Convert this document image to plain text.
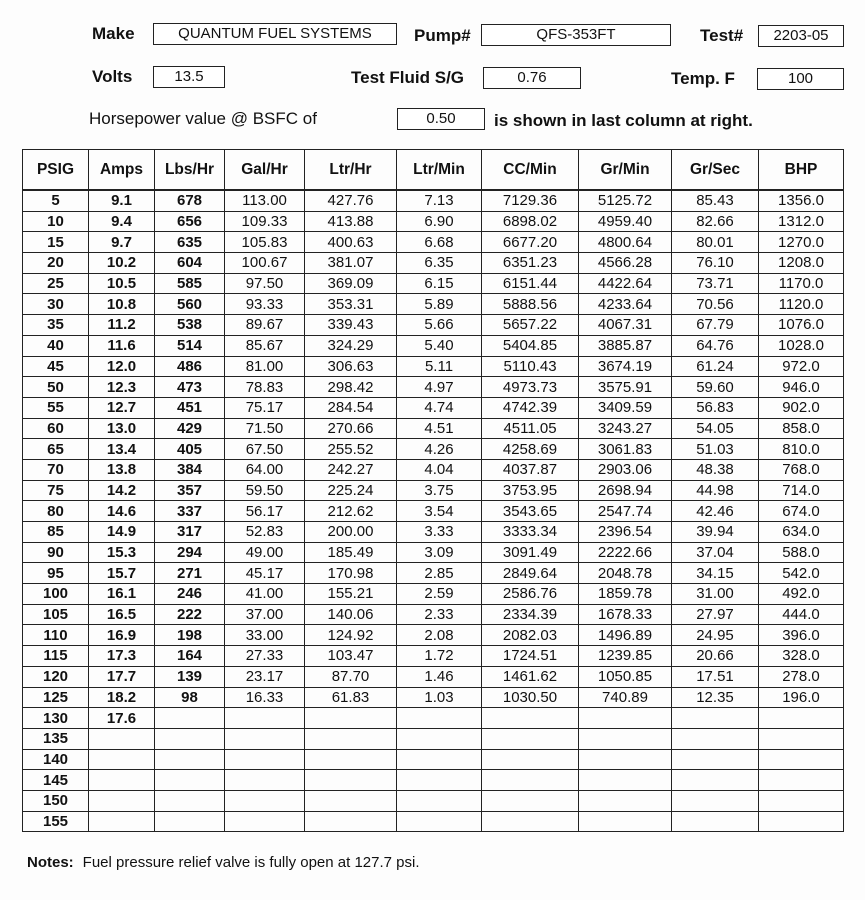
Make	QUANTUM FUEL SYSTEMS	Pump#	QFS-353FT	Test#	2203-05
Volts	13.5	Test Fluid S/G	0.76	Temp. F	100
Horsepower value @ BSFC of	0.50	is shown in last column at right.
PSIG	Amps	Lbs/Hr	Gal/Hr	Ltr/Hr	Ltr/Min	CC/Min	Gr/Min	Gr/Sec	BHP
5	9.1	678	113.00	427.76	7.13	7129.36	5125.72	85.43	1356.0
10	9.4	656	109.33	413.88	6.90	6898.02	4959.40	82.66	1312.0
15	9.7	635	105.83	400.63	6.68	6677.20	4800.64	80.01	1270.0
20	10.2	604	100.67	381.07	6.35	6351.23	4566.28	76.10	1208.0
25	10.5	585	97.50	369.09	6.15	6151.44	4422.64	73.71	1170.0
30	10.8	560	93.33	353.31	5.89	5888.56	4233.64	70.56	1120.0
35	11.2	538	89.67	339.43	5.66	5657.22	4067.31	67.79	1076.0
40	11.6	514	85.67	324.29	5.40	5404.85	3885.87	64.76	1028.0
45	12.0	486	81.00	306.63	5.11	5110.43	3674.19	61.24	972.0
50	12.3	473	78.83	298.42	4.97	4973.73	3575.91	59.60	946.0
55	12.7	451	75.17	284.54	4.74	4742.39	3409.59	56.83	902.0
60	13.0	429	71.50	270.66	4.51	4511.05	3243.27	54.05	858.0
65	13.4	405	67.50	255.52	4.26	4258.69	3061.83	51.03	810.0
70	13.8	384	64.00	242.27	4.04	4037.87	2903.06	48.38	768.0
75	14.2	357	59.50	225.24	3.75	3753.95	2698.94	44.98	714.0
80	14.6	337	56.17	212.62	3.54	3543.65	2547.74	42.46	674.0
85	14.9	317	52.83	200.00	3.33	3333.34	2396.54	39.94	634.0
90	15.3	294	49.00	185.49	3.09	3091.49	2222.66	37.04	588.0
95	15.7	271	45.17	170.98	2.85	2849.64	2048.78	34.15	542.0
100	16.1	246	41.00	155.21	2.59	2586.76	1859.78	31.00	492.0
105	16.5	222	37.00	140.06	2.33	2334.39	1678.33	27.97	444.0
110	16.9	198	33.00	124.92	2.08	2082.03	1496.89	24.95	396.0
115	17.3	164	27.33	103.47	1.72	1724.51	1239.85	20.66	328.0
120	17.7	139	23.17	87.70	1.46	1461.62	1050.85	17.51	278.0
125	18.2	98	16.33	61.83	1.03	1030.50	740.89	12.35	196.0
130	17.6								
135									
140									
145									
150									
155									
Notes: Fuel pressure relief valve is fully open at 127.7 psi.
